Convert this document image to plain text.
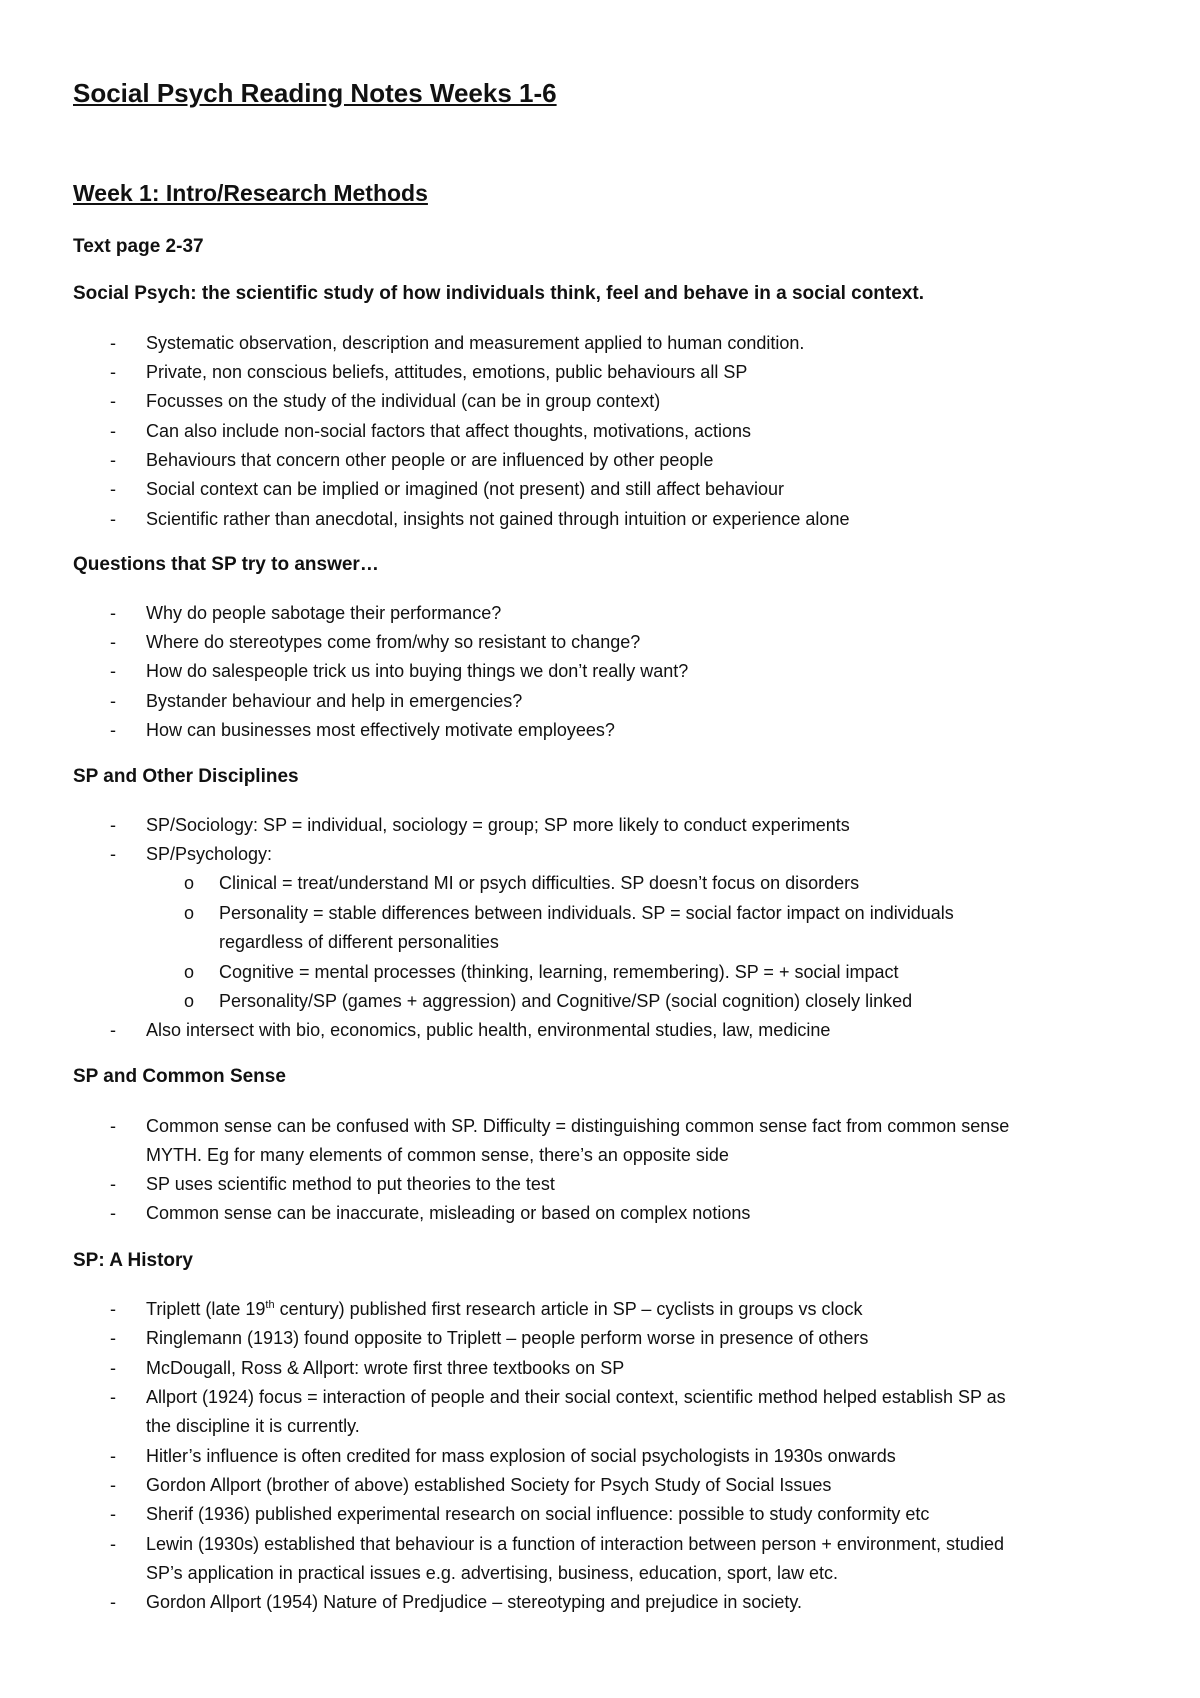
Social Psych Reading Notes Weeks 1-6
Week 1: Intro/Research Methods

Text page 2-37

Social Psych: the scientific study of how individuals think, feel and behave in a social context.

- Systematic observation, description and measurement applied to human condition.
- Private, non conscious beliefs, attitudes, emotions, public behaviours all SP
- Focusses on the study of the individual (can be in group context)
- Can also include non-social factors that affect thoughts, motivations, actions
- Behaviours that concern other people or are influenced by other people
- Social context can be implied or imagined (not present) and still affect behaviour
- Scientific rather than anecdotal, insights not gained through intuition or experience alone

Questions that SP try to answer…

- Why do people sabotage their performance?
- Where do stereotypes come from/why so resistant to change?
- How do salespeople trick us into buying things we don’t really want?
- Bystander behaviour and help in emergencies?
- How can businesses most effectively motivate employees?

SP and Other Disciplines

- SP/Sociology: SP = individual, sociology = group; SP more likely to conduct experiments
- SP/Psychology:
o Clinical = treat/understand MI or psych difficulties. SP doesn’t focus on disorders
o Personality = stable differences between individuals. SP = social factor impact on individuals
regardless of different personalities
o Cognitive = mental processes (thinking, learning, remembering). SP = + social impact
o Personality/SP (games + aggression) and Cognitive/SP (social cognition) closely linked
- Also intersect with bio, economics, public health, environmental studies, law, medicine

SP and Common Sense

- Common sense can be confused with SP. Difficulty = distinguishing common sense fact from common sense
MYTH. Eg for many elements of common sense, there’s an opposite side
- SP uses scientific method to put theories to the test
- Common sense can be inaccurate, misleading or based on complex notions

SP: A History

- Triplett (late 19th century) published first research article in SP – cyclists in groups vs clock
- Ringlemann (1913) found opposite to Triplett – people perform worse in presence of others
- McDougall, Ross & Allport: wrote first three textbooks on SP
- Allport (1924) focus = interaction of people and their social context, scientific method helped establish SP as
the discipline it is currently.
- Hitler’s influence is often credited for mass explosion of social psychologists in 1930s onwards
- Gordon Allport (brother of above) established Society for Psych Study of Social Issues
- Sherif (1936) published experimental research on social influence: possible to study conformity etc
- Lewin (1930s) established that behaviour is a function of interaction between person + environment, studied
SP’s application in practical issues e.g. advertising, business, education, sport, law etc.
- Gordon Allport (1954) Nature of Predjudice – stereotyping and prejudice in society.
